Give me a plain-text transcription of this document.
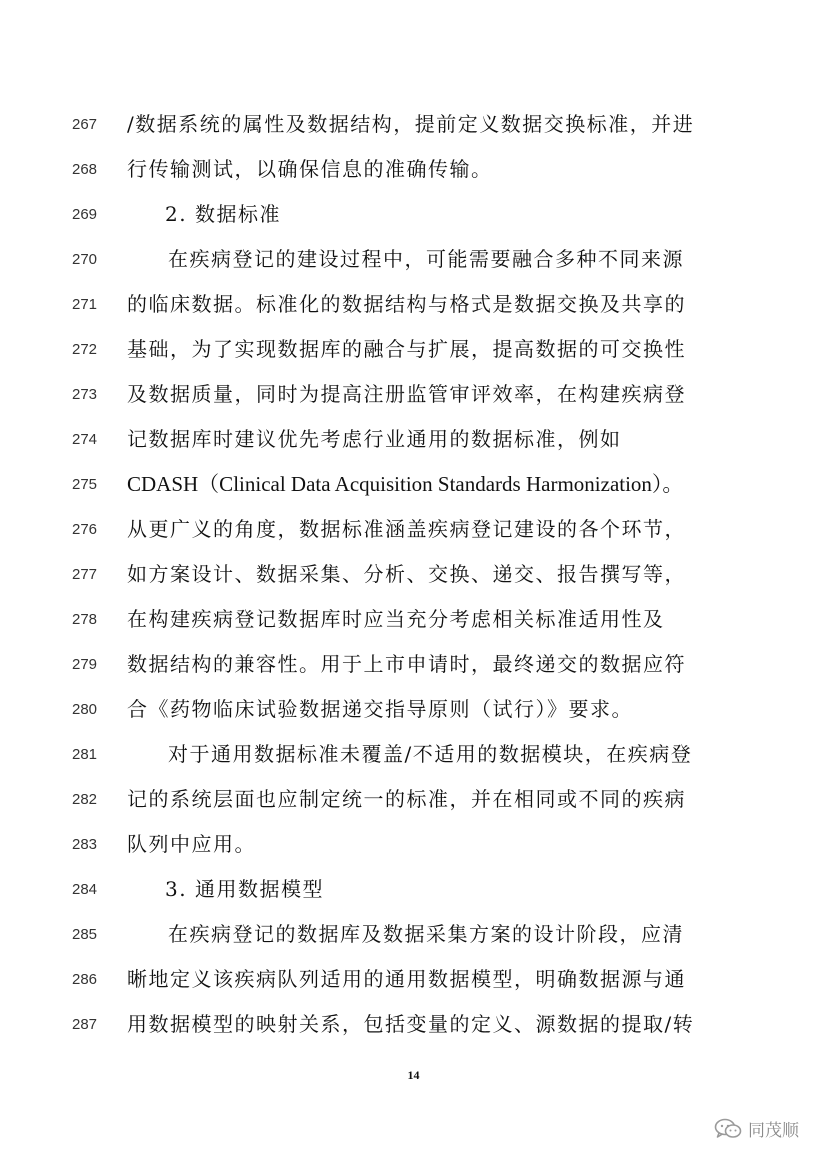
267	/数据系统的属性及数据结构，提前定义数据交换标准，并进
268	行传输测试，以确保信息的准确传输。
269	2. 数据标准
270	在疾病登记的建设过程中，可能需要融合多种不同来源
271	的临床数据。标准化的数据结构与格式是数据交换及共享的
272	基础，为了实现数据库的融合与扩展，提高数据的可交换性
273	及数据质量，同时为提高注册监管审评效率，在构建疾病登
274	记数据库时建议优先考虑行业通用的数据标准，例如
275	CDASH（Clinical Data Acquisition Standards Harmonization）。
276	从更广义的角度，数据标准涵盖疾病登记建设的各个环节，
277	如方案设计、数据采集、分析、交换、递交、报告撰写等，
278	在构建疾病登记数据库时应当充分考虑相关标准适用性及
279	数据结构的兼容性。用于上市申请时，最终递交的数据应符
280	合《药物临床试验数据递交指导原则（试行）》要求。
281	对于通用数据标准未覆盖/不适用的数据模块，在疾病登
282	记的系统层面也应制定统一的标准，并在相同或不同的疾病
283	队列中应用。
284	3. 通用数据模型
285	在疾病登记的数据库及数据采集方案的设计阶段，应清
286	晰地定义该疾病队列适用的通用数据模型，明确数据源与通
287	用数据模型的映射关系，包括变量的定义、源数据的提取/转
14
同茂顺
